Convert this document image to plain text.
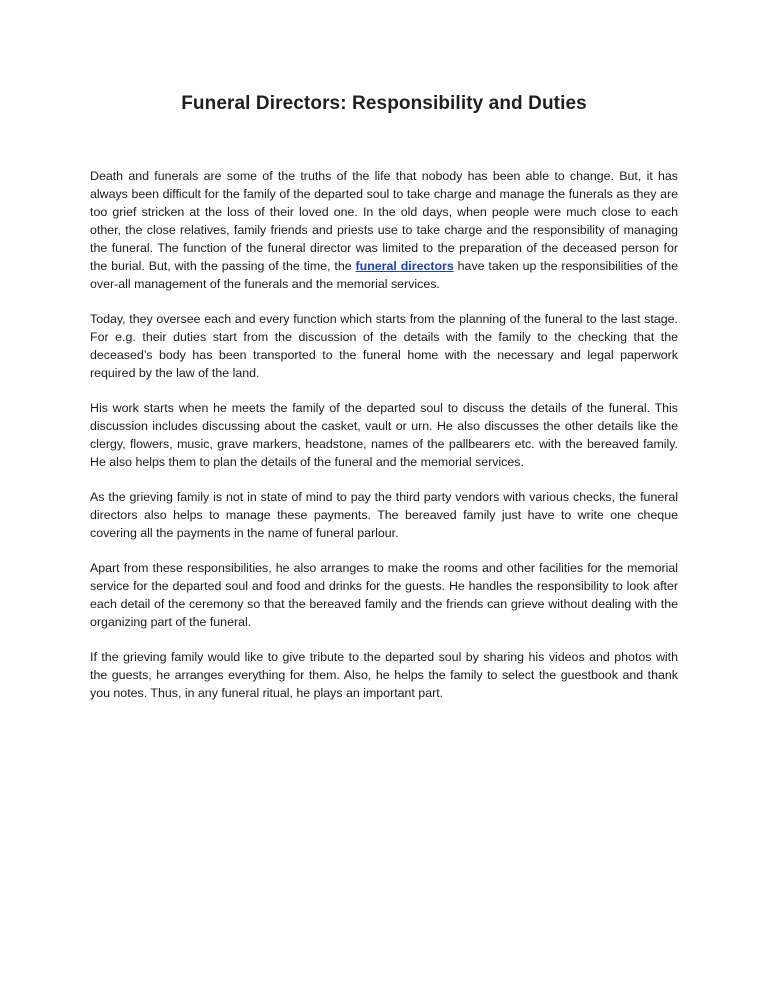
Funeral Directors: Responsibility and Duties

Death and funerals are some of the truths of the life that nobody has been able to change. But, it has always been difficult for the family of the departed soul to take charge and manage the funerals as they are too grief stricken at the loss of their loved one. In the old days, when people were much close to each other, the close relatives, family friends and priests use to take charge and the responsibility of managing the funeral. The function of the funeral director was limited to the preparation of the deceased person for the burial. But, with the passing of the time, the funeral directors have taken up the responsibilities of the over-all management of the funerals and the memorial services.

Today, they oversee each and every function which starts from the planning of the funeral to the last stage. For e.g. their duties start from the discussion of the details with the family to the checking that the deceased’s body has been transported to the funeral home with the necessary and legal paperwork required by the law of the land.

His work starts when he meets the family of the departed soul to discuss the details of the funeral. This discussion includes discussing about the casket, vault or urn. He also discusses the other details like the clergy, flowers, music, grave markers, headstone, names of the pallbearers etc. with the bereaved family. He also helps them to plan the details of the funeral and the memorial services.

As the grieving family is not in state of mind to pay the third party vendors with various checks, the funeral directors also helps to manage these payments. The bereaved family just have to write one cheque covering all the payments in the name of funeral parlour.

Apart from these responsibilities, he also arranges to make the rooms and other facilities for the memorial service for the departed soul and food and drinks for the guests. He handles the responsibility to look after each detail of the ceremony so that the bereaved family and the friends can grieve without dealing with the organizing part of the funeral.

If the grieving family would like to give tribute to the departed soul by sharing his videos and photos with the guests, he arranges everything for them. Also, he helps the family to select the guestbook and thank you notes. Thus, in any funeral ritual, he plays an important part.
